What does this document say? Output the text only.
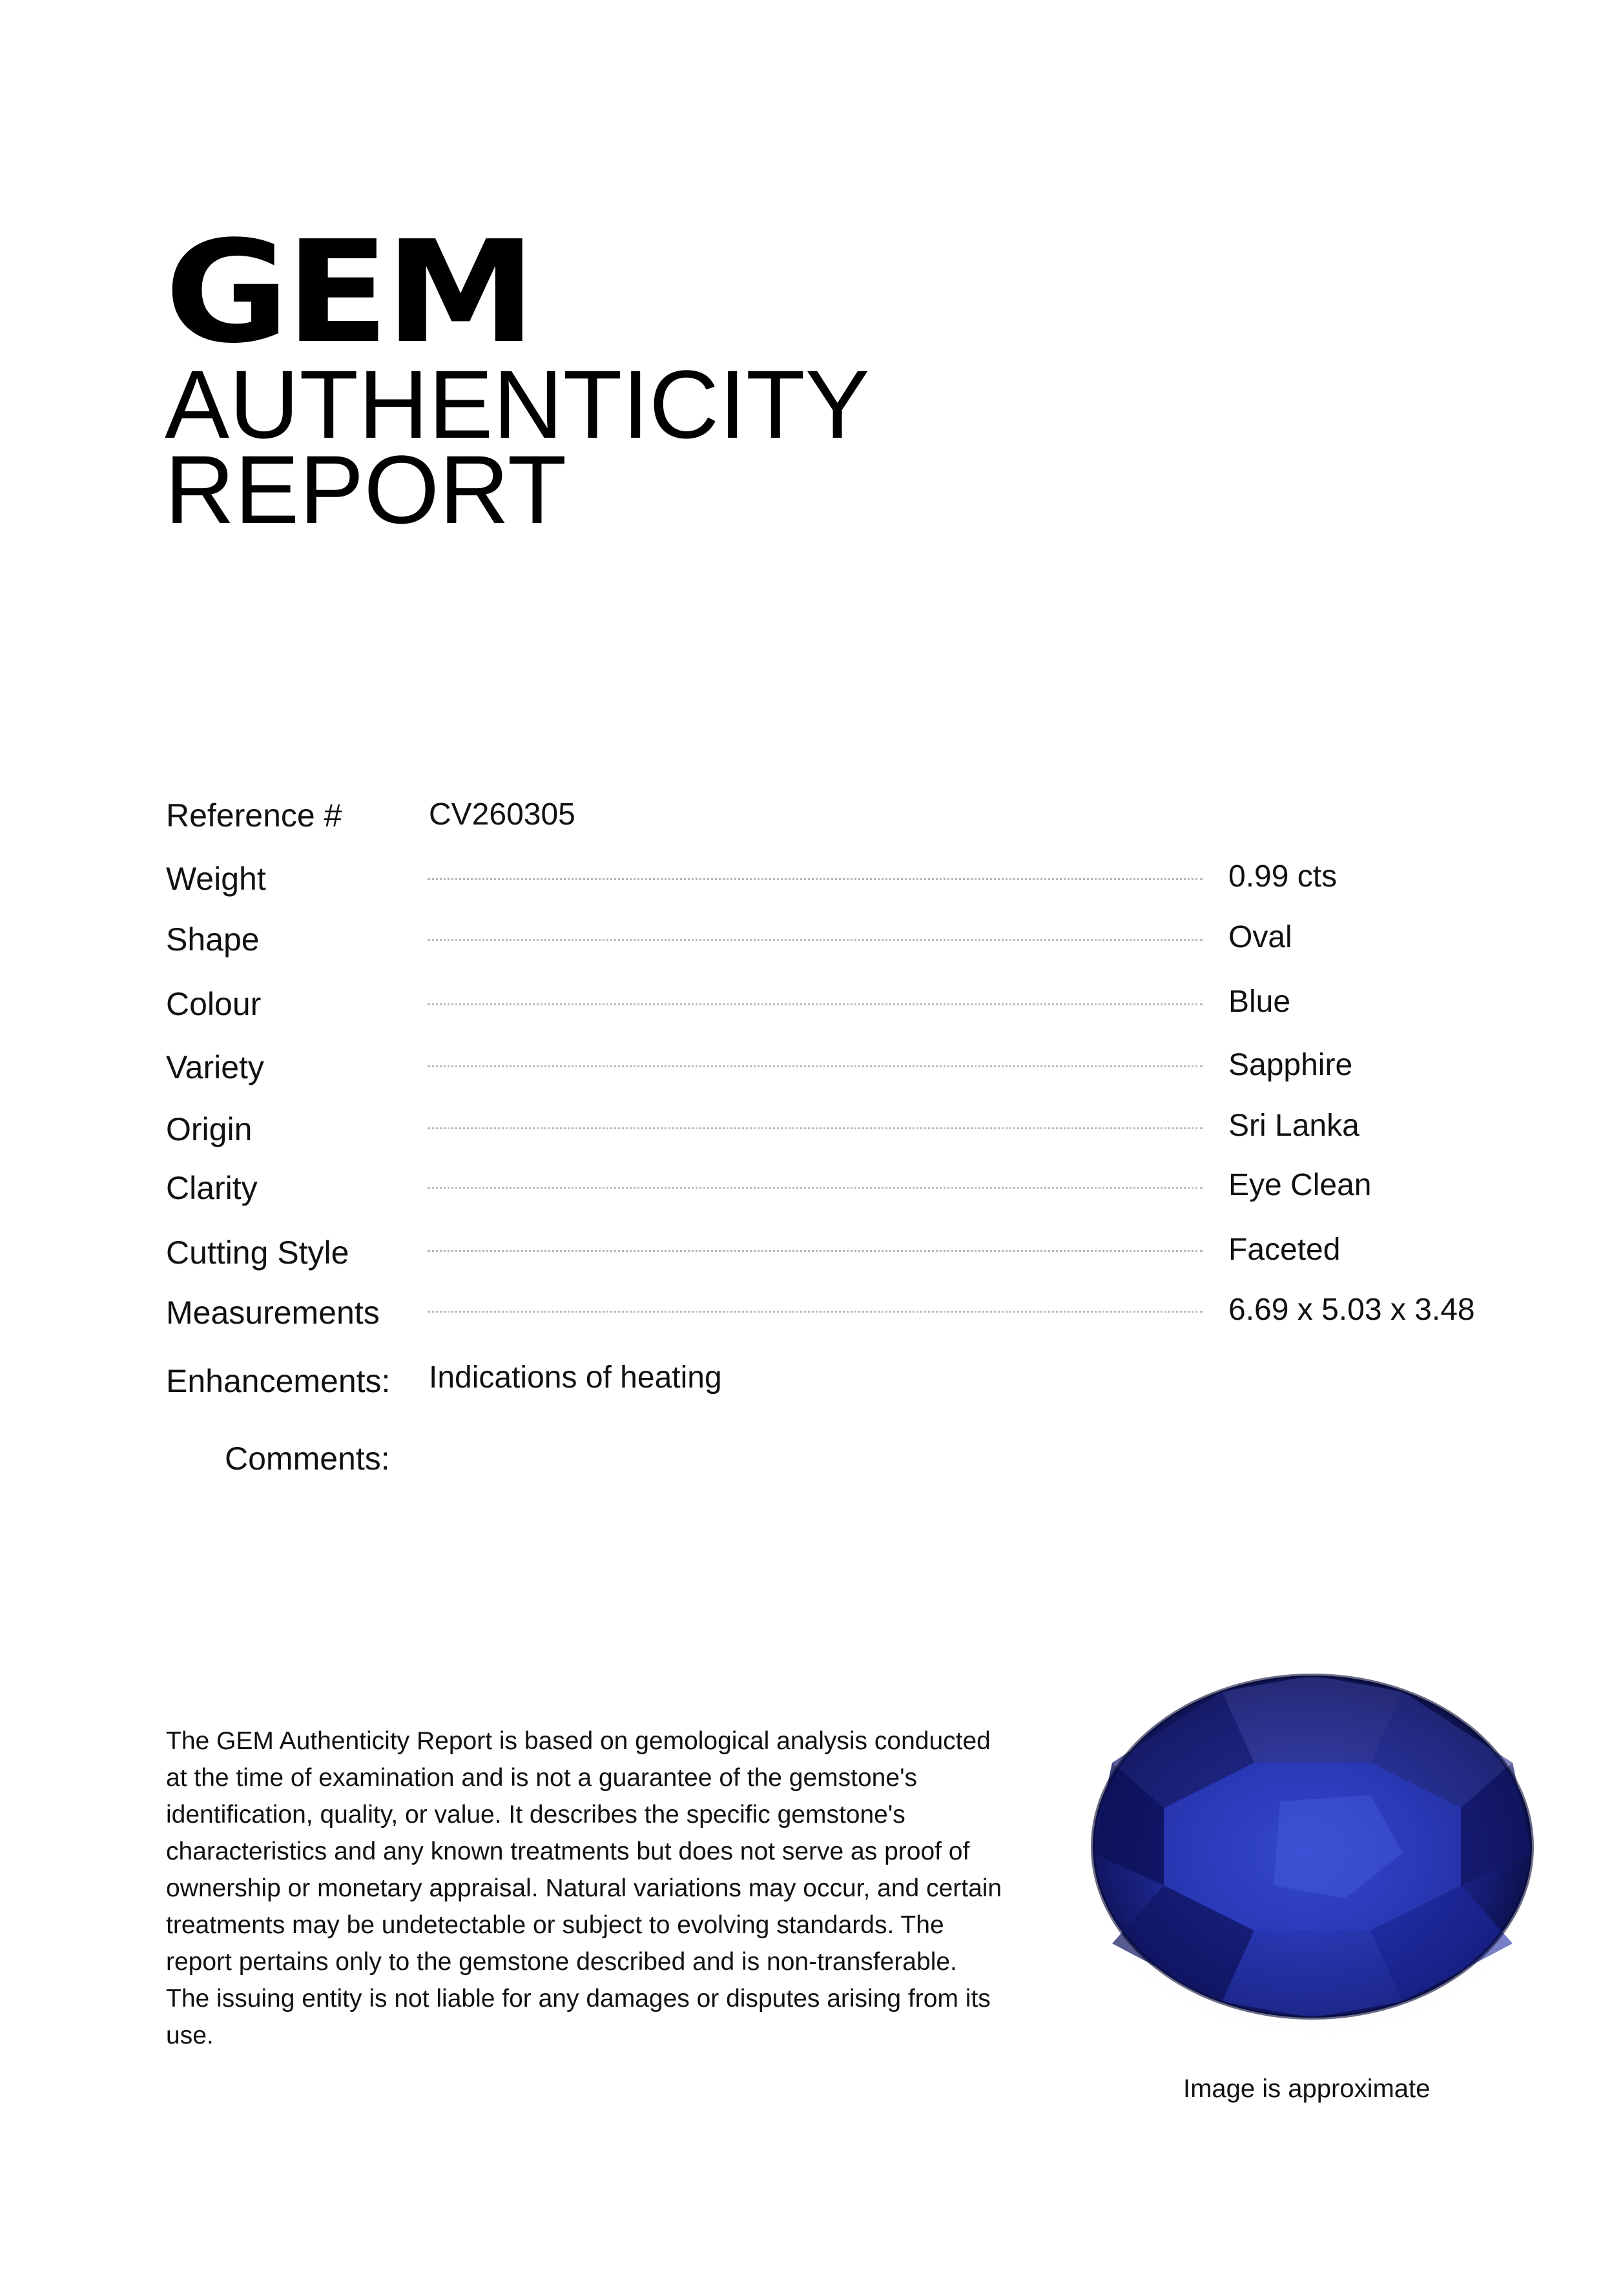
GEM
AUTHENTICITY
REPORT
Reference #	CV260305
Weight	0.99 cts
Shape	Oval
Colour	Blue
Variety	Sapphire
Origin	Sri Lanka
Clarity	Eye Clean
Cutting Style	Faceted
Measurements	6.69 x 5.03 x 3.48
Enhancements: Indications of heating
Comments:
The GEM Authenticity Report is based on gemological analysis conducted at the time of examination and is not a guarantee of the gemstone's identification, quality, or value. It describes the specific gemstone's characteristics and any known treatments but does not serve as proof of ownership or monetary appraisal. Natural variations may occur, and certain treatments may be undetectable or subject to evolving standards. The report pertains only to the gemstone described and is non-transferable. The issuing entity is not liable for any damages or disputes arising from its use.
Image is approximate
